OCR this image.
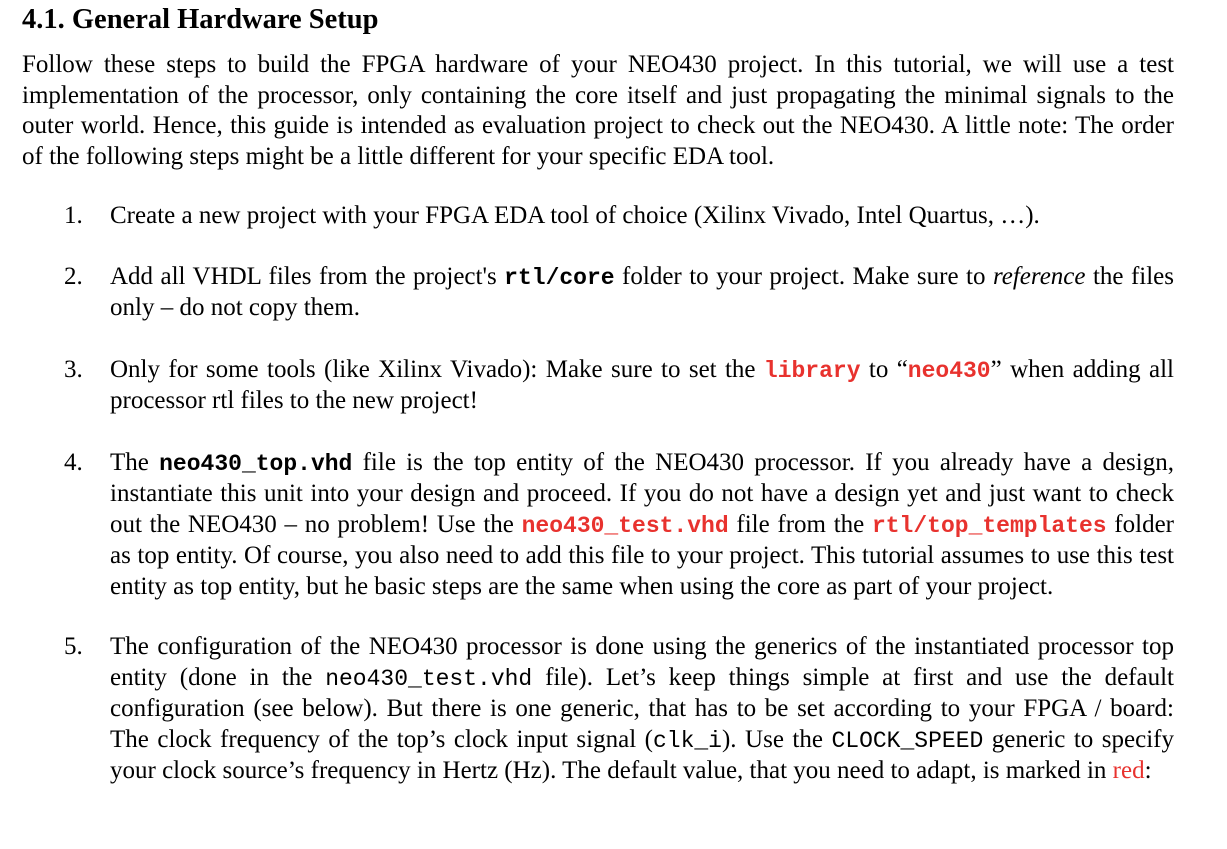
4.1. General Hardware Setup

Follow these steps to build the FPGA hardware of your NEO430 project. In this tutorial, we will use a test implementation of the processor, only containing the core itself and just propagating the minimal signals to the outer world. Hence, this guide is intended as evaluation project to check out the NEO430. A little note: The order of the following steps might be a little different for your specific EDA tool.

1. Create a new project with your FPGA EDA tool of choice (Xilinx Vivado, Intel Quartus, …).
2. Add all VHDL files from the project's rtl/core folder to your project. Make sure to reference the files only – do not copy them.
3. Only for some tools (like Xilinx Vivado): Make sure to set the library to “neo430” when adding all processor rtl files to the new project!
4. The neo430_top.vhd file is the top entity of the NEO430 processor. If you already have a design, instantiate this unit into your design and proceed. If you do not have a design yet and just want to check out the NEO430 – no problem! Use the neo430_test.vhd file from the rtl/top_templates folder as top entity. Of course, you also need to add this file to your project. This tutorial assumes to use this test entity as top entity, but he basic steps are the same when using the core as part of your project.
5. The configuration of the NEO430 processor is done using the generics of the instantiated processor top entity (done in the neo430_test.vhd file). Let’s keep things simple at first and use the default configuration (see below). But there is one generic, that has to be set according to your FPGA / board: The clock frequency of the top’s clock input signal (clk_i). Use the CLOCK_SPEED generic to specify your clock source’s frequency in Hertz (Hz). The default value, that you need to adapt, is marked in red:
